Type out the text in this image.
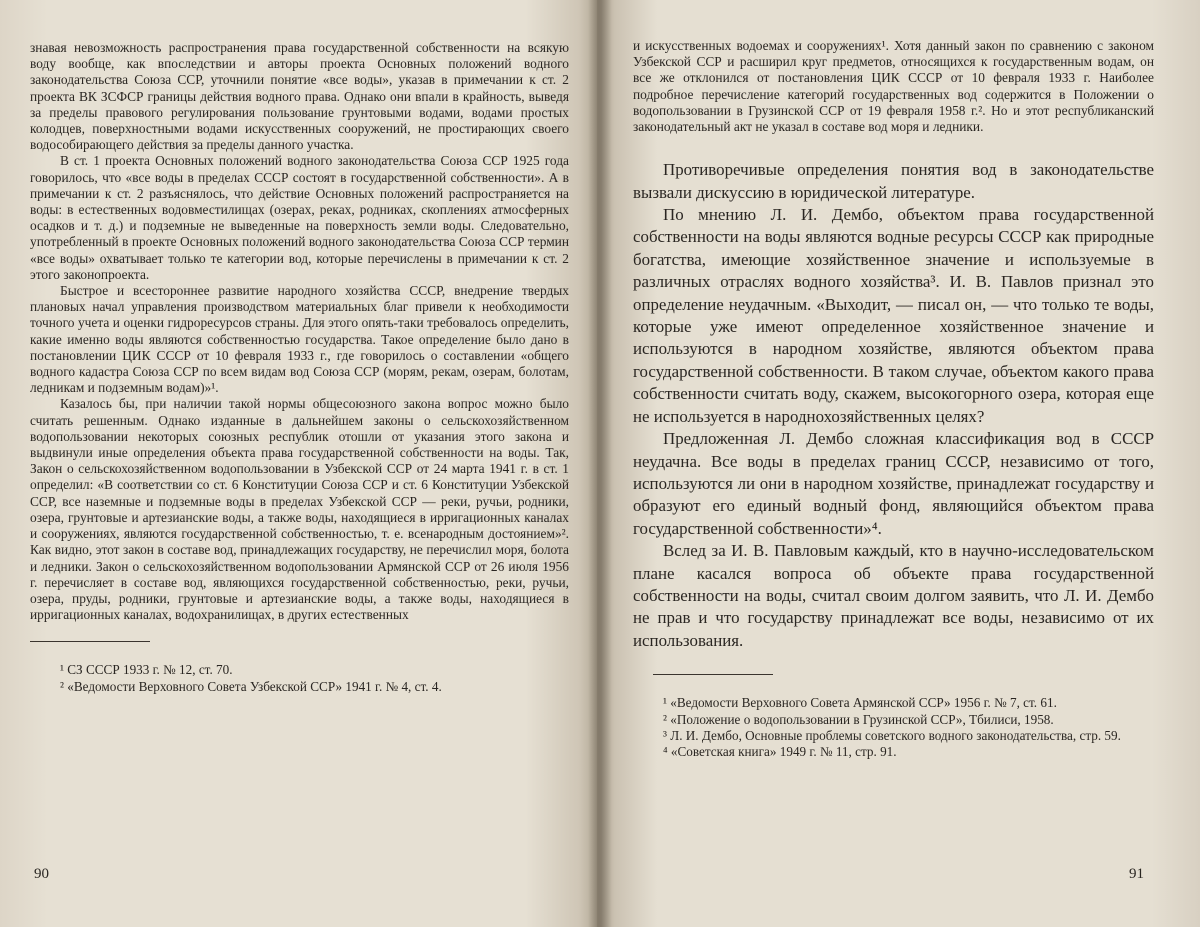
знавая невозможность распространения права государственной собственности на всякую воду вообще, как впоследствии и авторы проекта Основных положений водного законодательства Союза ССР, уточнили понятие «все воды», указав в примечании к ст. 2 проекта ВК ЗСФСР границы действия водного права. Однако они впали в крайность, выведя за пределы правового регулирования пользование грунтовыми водами, водами простых колодцев, поверхностными водами искусственных сооружений, не простирающих своего водособирающего действия за пределы данного участка.

В ст. 1 проекта Основных положений водного законодательства Союза ССР 1925 года говорилось, что «все воды в пределах СССР состоят в государственной собственности». А в примечании к ст. 2 разъяснялось, что действие Основных положений распространяется на воды: в естественных водовместилищах (озерах, реках, родниках, скоплениях атмосферных осадков и т. д.) и подземные не выведенные на поверхность земли воды. Следовательно, употребленный в проекте Основных положений водного законодательства Союза ССР термин «все воды» охватывает только те категории вод, которые перечислены в примечании к ст. 2 этого законопроекта.

Быстрое и всестороннее развитие народного хозяйства СССР, внедрение твердых плановых начал управления производством материальных благ привели к необходимости точного учета и оценки гидроресурсов страны. Для этого опять-таки требовалось определить, какие именно воды являются собственностью государства. Такое определение было дано в постановлении ЦИК СССР от 10 февраля 1933 г., где говорилось о составлении «общего водного кадастра Союза ССР по всем видам вод Союза ССР (морям, рекам, озерам, болотам, ледникам и подземным водам)»¹.

Казалось бы, при наличии такой нормы общесоюзного закона вопрос можно было считать решенным. Однако изданные в дальнейшем законы о сельскохозяйственном водопользовании некоторых союзных республик отошли от указания этого закона и выдвинули иные определения объекта права государственной собственности на воды. Так, Закон о сельскохозяйственном водопользовании в Узбекской ССР от 24 марта 1941 г. в ст. 1 определил: «В соответствии со ст. 6 Конституции Союза ССР и ст. 6 Конституции Узбекской ССР, все наземные и подземные воды в пределах Узбекской ССР — реки, ручьи, родники, озера, грунтовые и артезианские воды, а также воды, находящиеся в ирригационных каналах и сооружениях, являются государственной собственностью, т. е. всенародным достоянием»². Как видно, этот закон в составе вод, принадлежащих государству, не перечислил моря, болота и ледники. Закон о сельскохозяйственном водопользовании Армянской ССР от 26 июля 1956 г. перечисляет в составе вод, являющихся государственной собственностью, реки, ручьи, озера, пруды, родники, грунтовые и артезианские воды, а также воды, находящиеся в ирригационных каналах, водохранилищах, в других естественных

¹ СЗ СССР 1933 г. № 12, ст. 70.

² «Ведомости Верховного Совета Узбекской ССР» 1941 г. № 4, ст. 4.

90

и искусственных водоемах и сооружениях¹. Хотя данный закон по сравнению с законом Узбекской ССР и расширил круг предметов, относящихся к государственным водам, он все же отклонился от постановления ЦИК СССР от 10 февраля 1933 г. Наиболее подробное перечисление категорий государственных вод содержится в Положении о водопользовании в Грузинской ССР от 19 февраля 1958 г.². Но и этот республиканский законодательный акт не указал в составе вод моря и ледники.

Противоречивые определения понятия вод в законодательстве вызвали дискуссию в юридической литературе.

По мнению Л. И. Дембо, объектом права государственной собственности на воды являются водные ресурсы СССР как природные богатства, имеющие хозяйственное значение и используемые в различных отраслях водного хозяйства³. И. В. Павлов признал это определение неудачным. «Выходит, — писал он, — что только те воды, которые уже имеют определенное хозяйственное значение и используются в народном хозяйстве, являются объектом права государственной собственности. В таком случае, объектом какого права собственности считать воду, скажем, высокогорного озера, которая еще не используется в народнохозяйственных целях?

Предложенная Л. Дембо сложная классификация вод в СССР неудачна. Все воды в пределах границ СССР, независимо от того, используются ли они в народном хозяйстве, принадлежат государству и образуют его единый водный фонд, являющийся объектом права государственной собственности»⁴.

Вслед за И. В. Павловым каждый, кто в научно-исследовательском плане касался вопроса об объекте права государственной собственности на воды, считал своим долгом заявить, что Л. И. Дембо не прав и что государству принадлежат все воды, независимо от их использования.

¹ «Ведомости Верховного Совета Армянской ССР» 1956 г. № 7, ст. 61.

² «Положение о водопользовании в Грузинской ССР», Тбилиси, 1958.

³ Л. И. Дембо, Основные проблемы советского водного законодательства, стр. 59.

⁴ «Советская книга» 1949 г. № 11, стр. 91.

91
